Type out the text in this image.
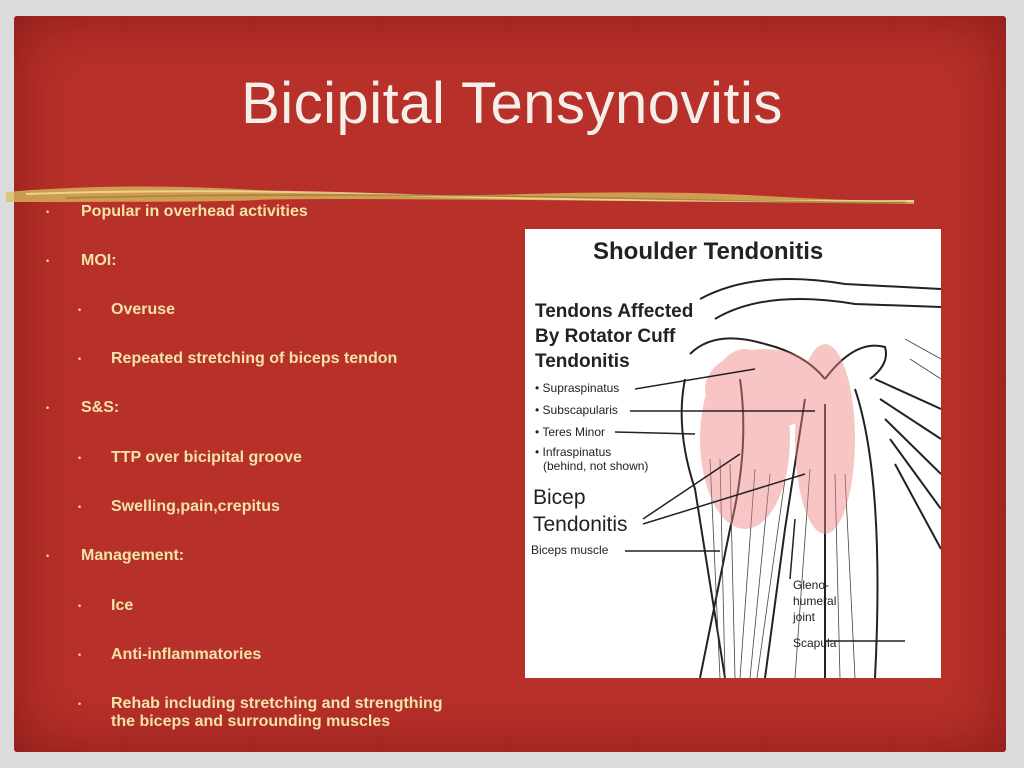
Bicipital Tensynovitis
• Popular in overhead activities
• MOI:
• Overuse
• Repeated stretching of biceps tendon
• S&S:
• TTP over bicipital groove
• Swelling,pain,crepitus
• Management:
• Ice
• Anti-inflammatories
• Rehab including stretching and strengthing
the biceps and surrounding muscles
Shoulder Tendonitis
Tendons Affected
By Rotator Cuff
Tendonitis
• Supraspinatus
• Subscapularis
• Teres Minor
• Infraspinatus
(behind, not shown)
Bicep
Tendonitis
Biceps muscle
Gleno-
humeral
joint
Scapula
